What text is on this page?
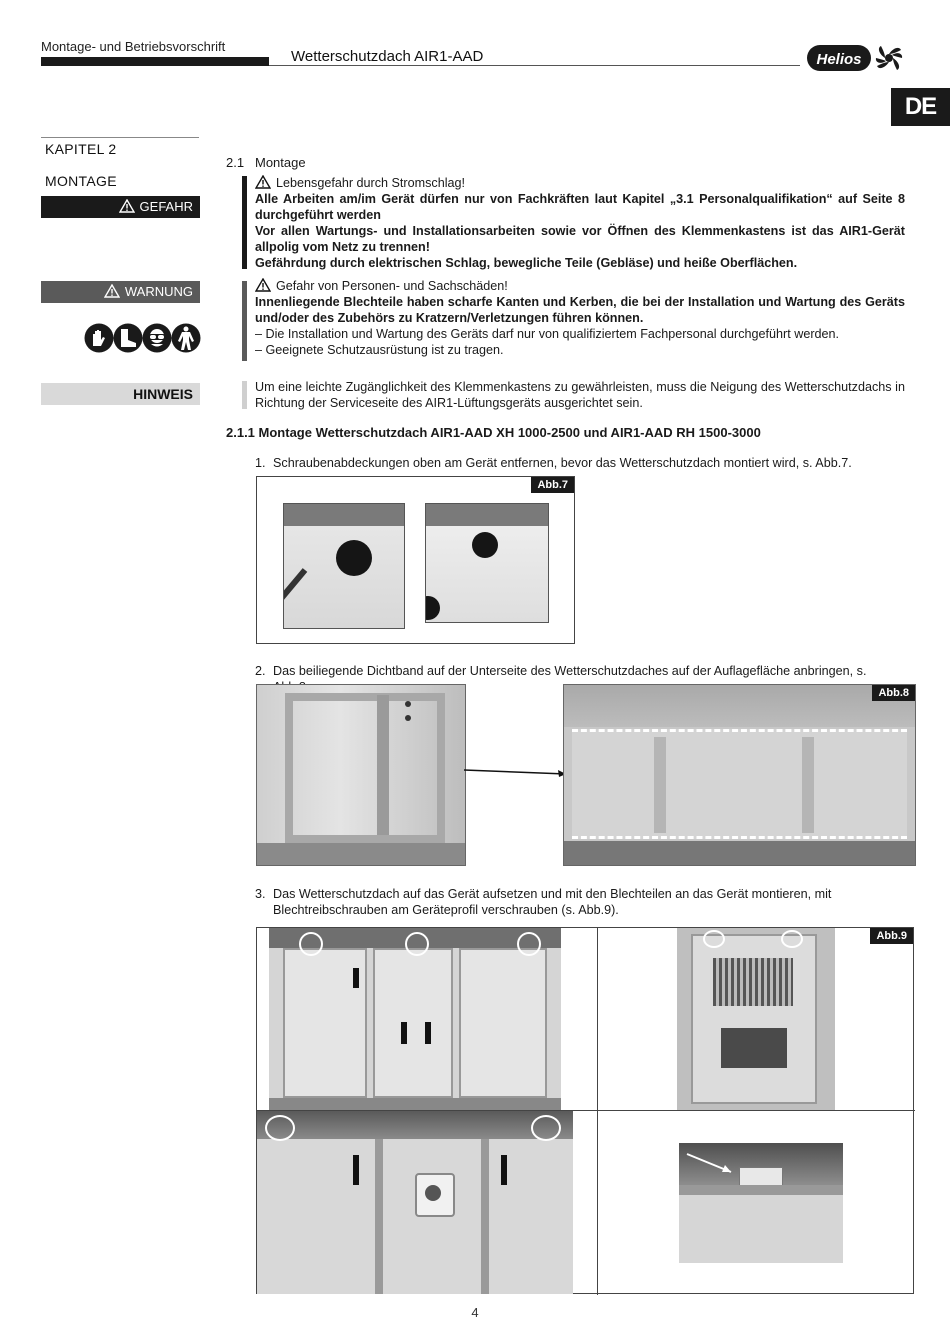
Montage- und Betriebsvorschrift
Wetterschutzdach AIR1-AAD	Helios
DE
KAPITEL 2
MONTAGE
GEFAHR
WARNUNG
HINWEIS
2.1 Montage

Lebensgefahr durch Stromschlag!

Alle Arbeiten am/im Gerät dürfen nur von Fachkräften laut Kapitel „3.1 Personalqualifikation“ auf Seite 8 durchgeführt werden

Vor allen Wartungs- und Installationsarbeiten sowie vor Öffnen des Klemmenkastens ist das AIR1-Gerät allpolig vom Netz zu trennen!

Gefährdung durch elektrischen Schlag, bewegliche Teile (Gebläse) und heiße Oberflächen.

Gefahr von Personen- und Sachschäden!

Innenliegende Blechteile haben scharfe Kanten und Kerben, die bei der Installation und Wartung des Geräts und/oder des Zubehörs zu Kratzern/Verletzungen führen können.

– Die Installation und Wartung des Geräts darf nur von qualifiziertem Fachpersonal durchgeführt werden.

– Geeignete Schutzausrüstung ist zu tragen.

Um eine leichte Zugänglichkeit des Klemmenkastens zu gewährleisten, muss die Neigung des Wetterschutzdachs in Richtung der Serviceseite des AIR1-Lüftungsgeräts ausgerichtet sein.

2.1.1 Montage Wetterschutzdach AIR1-AAD XH 1000-2500 und AIR1-AAD RH 1500-3000
1. Schraubenabdeckungen oben am Gerät entfernen, bevor das Wetterschutzdach montiert wird, s. Abb.7.
Abb.7
2. Das beiliegende Dichtband auf der Unterseite des Wetterschutzdaches auf der Auflagefläche anbringen, s.
Abb.8
3. Das Wetterschutzdach auf das Gerät aufsetzen und mit den Blechteilen an das Gerät montieren, mit Blechtreibschrauben am Geräteprofil verschrauben (s. Abb.9).
Abb.9
4
